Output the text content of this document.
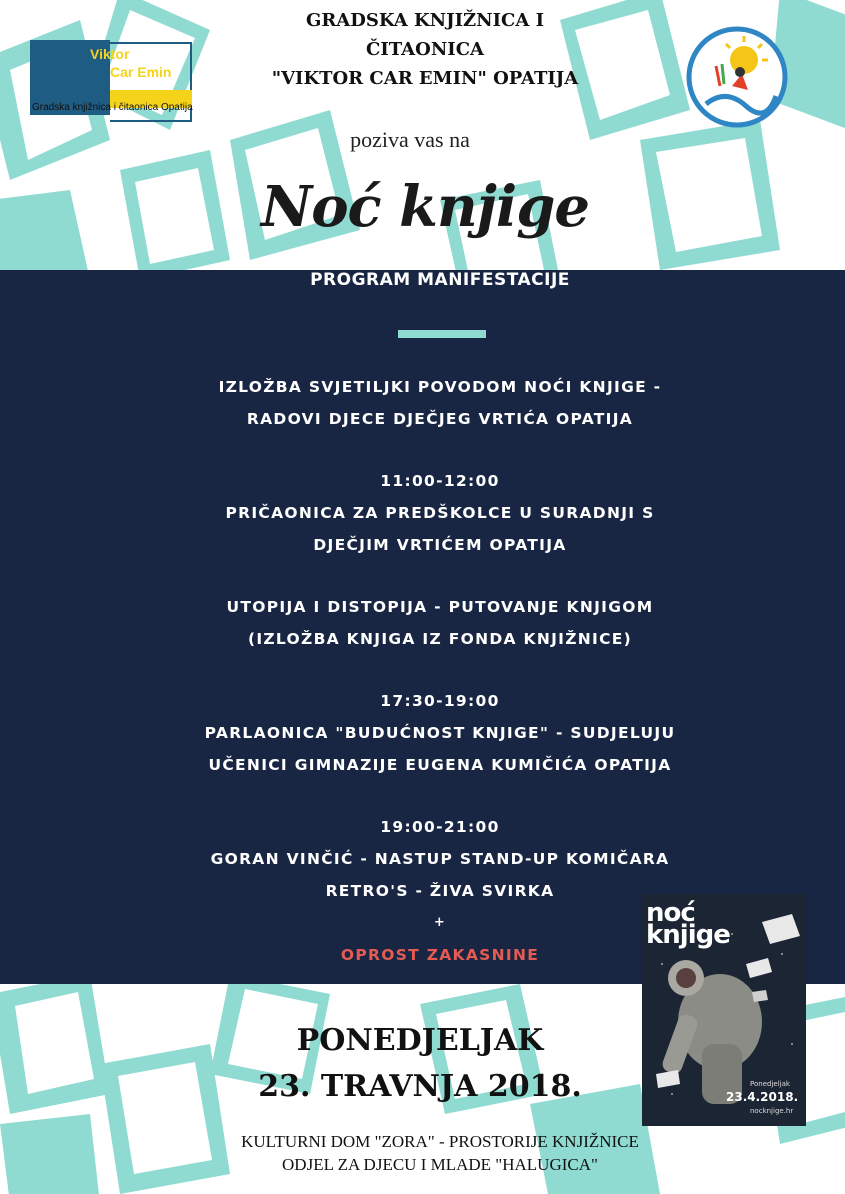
Viktor
Car Emin
Gradska knjižnica i čitaonica Opatija
GRADSKA KNJIŽNICA I
ČITAONICA
"VIKTOR CAR EMIN" OPATIJA
poziva vas na
Noć knjige
PROGRAM MANIFESTACIJE
IZLOŽBA SVJETILJKI POVODOM NOĆI KNJIGE -
RADOVI DJECE DJEČJEG VRTIĆA OPATIJA
11:00-12:00
PRIČAONICA ZA PREDŠKOLCE U SURADNJI S
DJEČJIM VRTIĆEM OPATIJA
UTOPIJA I DISTOPIJA - PUTOVANJE KNJIGOM
(IZLOŽBA KNJIGA IZ FONDA KNJIŽNICE)
17:30-19:00
PARLAONICA "BUDUĆNOST KNJIGE" - SUDJELUJU
UČENICI GIMNAZIJE EUGENA KUMIČIĆA OPATIJA
19:00-21:00
GORAN VINČIĆ - NASTUP STAND-UP KOMIČARA
RETRO'S - ŽIVA SVIRKA
+
OPROST ZAKASNINE
PONEDJELJAK
23. TRAVNJA 2018.
KULTURNI DOM "ZORA" - PROSTORIJE KNJIŽNICE
ODJEL ZA DJECU I MLADE "HALUGICA"
noć
knjige
Ponedjeljak
23.4.2018.
nocknjige.hr
